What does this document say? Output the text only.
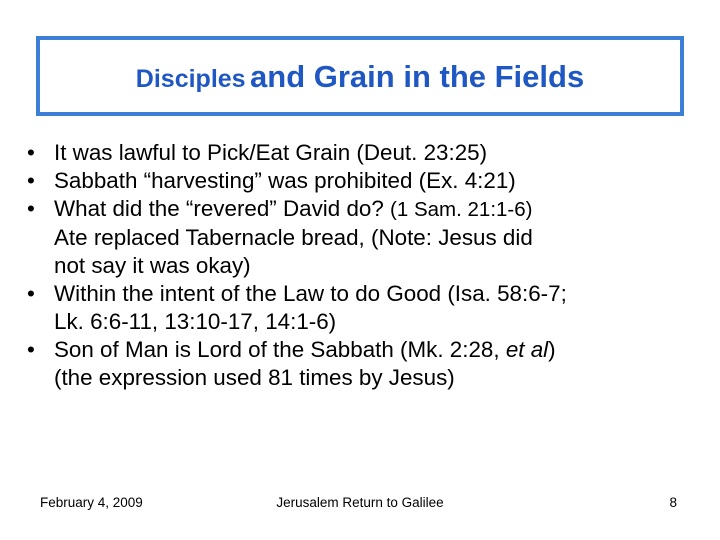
Disciples and Grain in the Fields
• It was lawful to Pick/Eat Grain (Deut. 23:25)
• Sabbath “harvesting” was prohibited (Ex. 4:21)
• What did the “revered” David do? (1 Sam. 21:1-6)
Ate replaced Tabernacle bread, (Note: Jesus did
not say it was okay)
• Within the intent of the Law to do Good (Isa. 58:6-7;
Lk. 6:6-11, 13:10-17, 14:1-6)
• Son of Man is Lord of the Sabbath (Mk. 2:28, et al)
(the expression used 81 times by Jesus)
February 4, 2009	Jerusalem Return to Galilee	8
